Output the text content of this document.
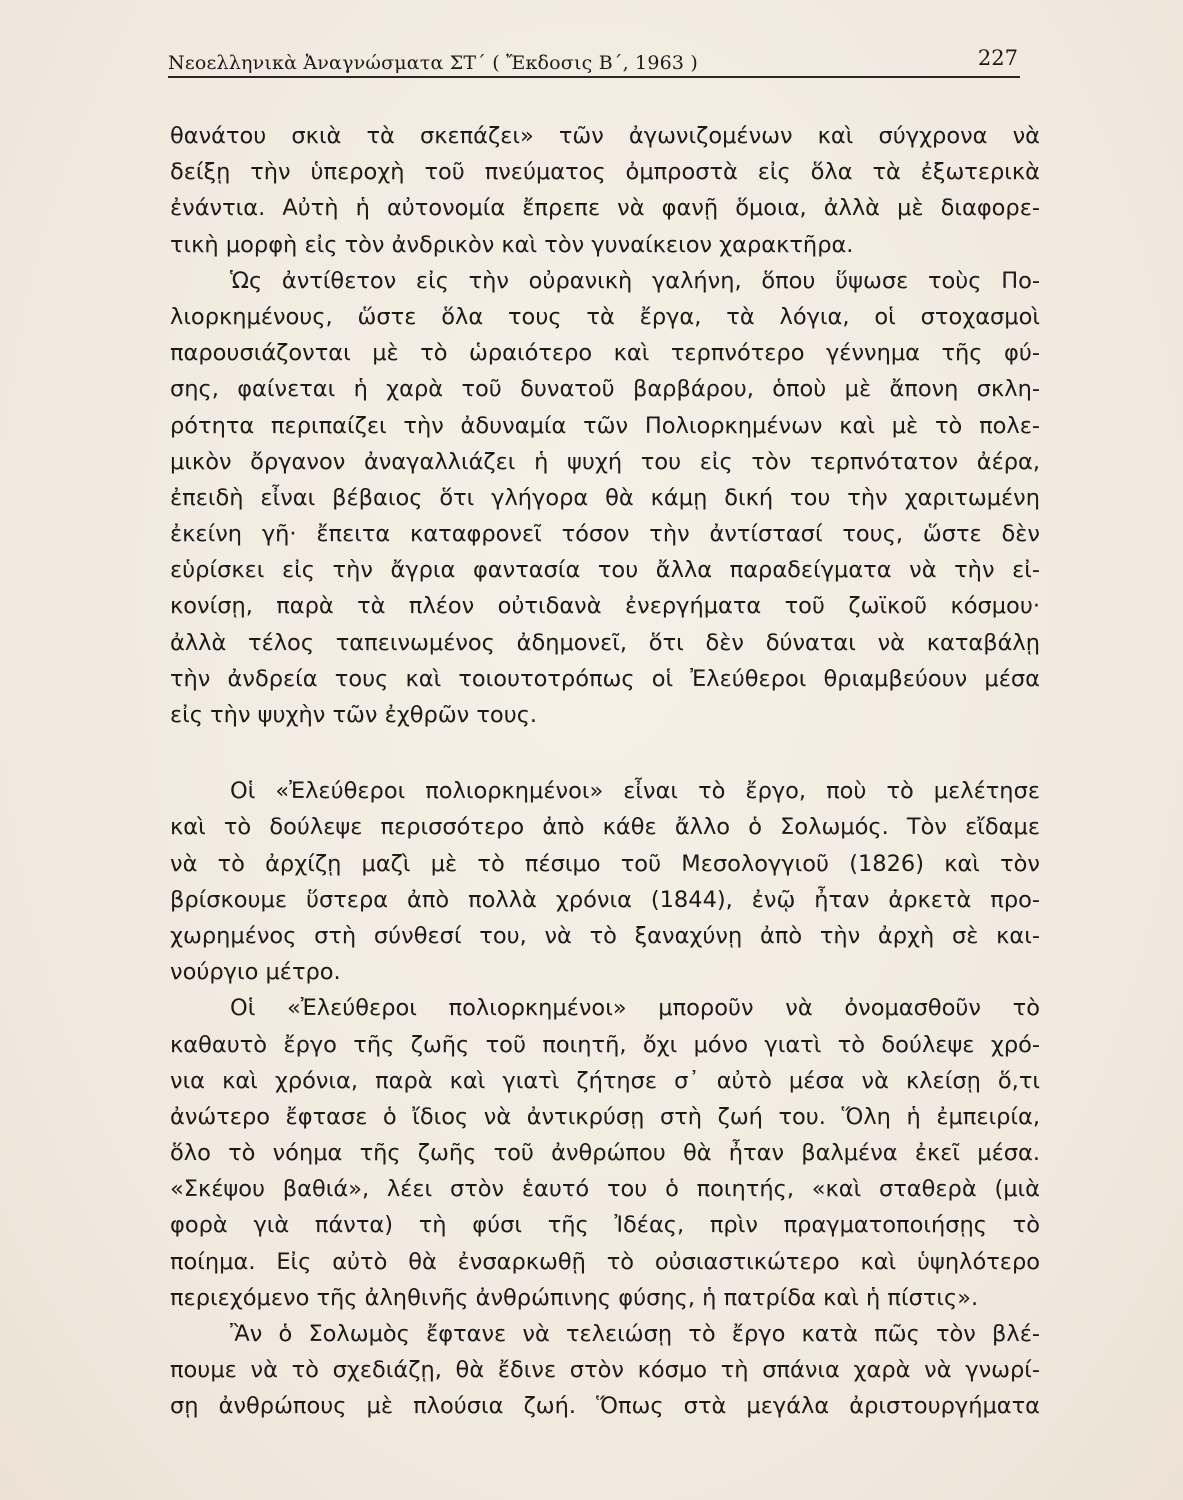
Νεοελληνικὰ Ἀναγνώσματα ΣΤ΄ ( Ἔκδοσις Β΄, 1963 )	227
θανάτου σκιὰ τὰ σκεπάζει» τῶν ἀγωνιζομένων καὶ σύγχρονα νὰ
δείξῃ τὴν ὑπεροχὴ τοῦ πνεύματος ὀμπροστὰ εἰς ὅλα τὰ ἐξωτερικὰ
ἐνάντια. Αὐτὴ ἡ αὐτονομία ἔπρεπε νὰ φανῇ ὅμοια, ἀλλὰ μὲ διαφορε-
τικὴ μορφὴ εἰς τὸν ἀνδρικὸν καὶ τὸν γυναίκειον χαρακτῆρα.
Ὡς ἀντίθετον εἰς τὴν οὐρανικὴ γαλήνη, ὅπου ὕψωσε τοὺς Πο-
λιορκημένους, ὥστε ὅλα τους τὰ ἔργα, τὰ λόγια, οἱ στοχασμοὶ
παρουσιάζονται μὲ τὸ ὡραιότερο καὶ τερπνότερο γέννημα τῆς φύ-
σης, φαίνεται ἡ χαρὰ τοῦ δυνατοῦ βαρβάρου, ὁποὺ μὲ ἄπονη σκλη-
ρότητα περιπαίζει τὴν ἀδυναμία τῶν Πολιορκημένων καὶ μὲ τὸ πολε-
μικὸν ὄργανον ἀναγαλλιάζει ἡ ψυχή του εἰς τὸν τερπνότατον ἀέρα,
ἐπειδὴ εἶναι βέβαιος ὅτι γλήγορα θὰ κάμῃ δική του τὴν χαριτωμένη
ἐκείνη γῆ· ἔπειτα καταφρονεῖ τόσον τὴν ἀντίστασί τους, ὥστε δὲν
εὑρίσκει εἰς τὴν ἄγρια φαντασία του ἄλλα παραδείγματα νὰ τὴν εἰ-
κονίσῃ, παρὰ τὰ πλέον οὐτιδανὰ ἐνεργήματα τοῦ ζωϊκοῦ κόσμου·
ἀλλὰ τέλος ταπεινωμένος ἀδημονεῖ, ὅτι δὲν δύναται νὰ καταβάλῃ
τὴν ἀνδρεία τους καὶ τοιουτοτρόπως οἱ Ἐλεύθεροι θριαμβεύουν μέσα
εἰς τὴν ψυχὴν τῶν ἐχθρῶν τους.
Οἱ «Ἐλεύθεροι πολιορκημένοι» εἶναι τὸ ἔργο, ποὺ τὸ μελέτησε
καὶ τὸ δούλεψε περισσότερο ἀπὸ κάθε ἄλλο ὁ Σολωμός. Τὸν εἴδαμε
νὰ τὸ ἀρχίζῃ μαζὶ μὲ τὸ πέσιμο τοῦ Μεσολογγιοῦ (1826) καὶ τὸν
βρίσκουμε ὕστερα ἀπὸ πολλὰ χρόνια (1844), ἐνῷ ἦταν ἀρκετὰ προ-
χωρημένος στὴ σύνθεσί του, νὰ τὸ ξαναχύνῃ ἀπὸ τὴν ἀρχὴ σὲ και-
νούργιο μέτρο.
Οἱ «Ἐλεύθεροι πολιορκημένοι» μποροῦν νὰ ὀνομασθοῦν τὸ
καθαυτὸ ἔργο τῆς ζωῆς τοῦ ποιητῆ, ὄχι μόνο γιατὶ τὸ δούλεψε χρό-
νια καὶ χρόνια, παρὰ καὶ γιατὶ ζήτησε σ᾽ αὐτὸ μέσα νὰ κλείσῃ ὅ,τι
ἀνώτερο ἔφτασε ὁ ἴδιος νὰ ἀντικρύσῃ στὴ ζωή του. Ὅλη ἡ ἐμπειρία,
ὅλο τὸ νόημα τῆς ζωῆς τοῦ ἀνθρώπου θὰ ἦταν βαλμένα ἐκεῖ μέσα.
«Σκέψου βαθιά», λέει στὸν ἑαυτό του ὁ ποιητής, «καὶ σταθερὰ (μιὰ
φορὰ γιὰ πάντα) τὴ φύσι τῆς Ἰδέας, πρὶν πραγματοποιήσῃς τὸ
ποίημα. Εἰς αὐτὸ θὰ ἐνσαρκωθῇ τὸ οὐσιαστικώτερο καὶ ὑψηλότερο
περιεχόμενο τῆς ἀληθινῆς ἀνθρώπινης φύσης, ἡ πατρίδα καὶ ἡ πίστις».
Ἂν ὁ Σολωμὸς ἔφτανε νὰ τελειώσῃ τὸ ἔργο κατὰ πῶς τὸν βλέ-
πουμε νὰ τὸ σχεδιάζῃ, θὰ ἔδινε στὸν κόσμο τὴ σπάνια χαρὰ νὰ γνωρί-
σῃ ἀνθρώπους μὲ πλούσια ζωή. Ὅπως στὰ μεγάλα ἀριστουργήματα
